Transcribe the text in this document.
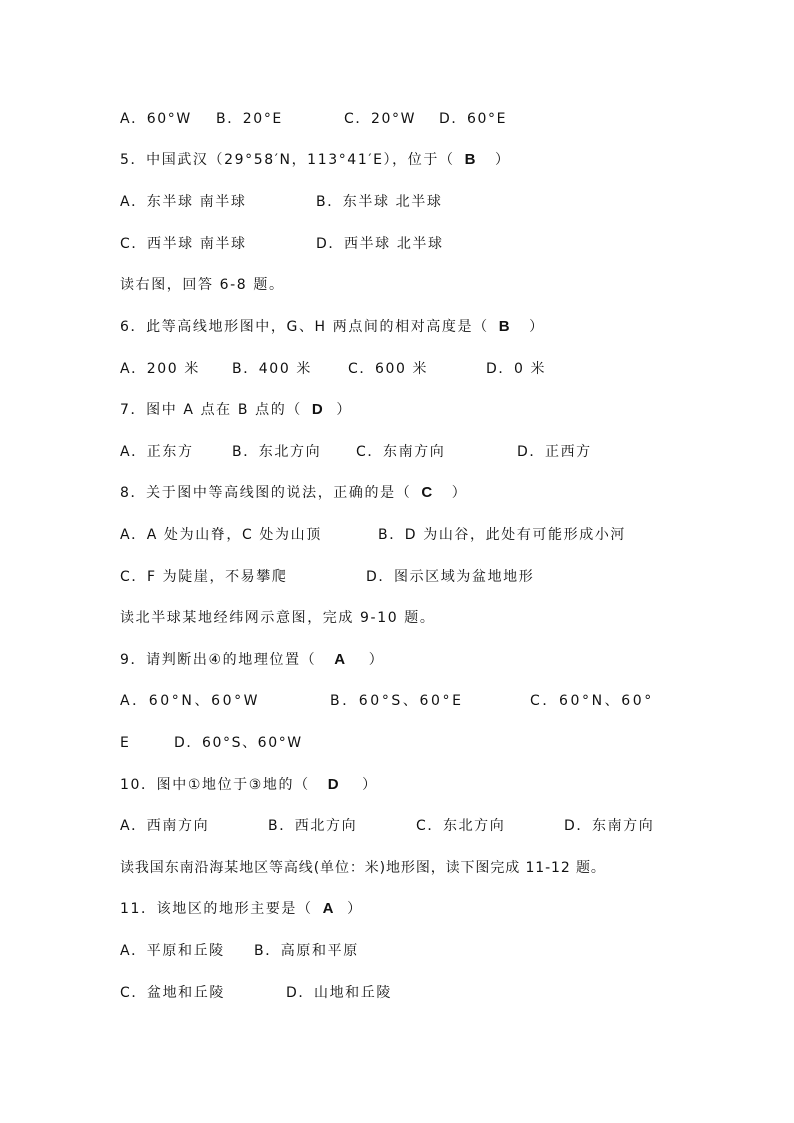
A．60°W B．20°E	C．20°W D．60°E
5．中国武汉（29°58′N，113°41′E），位于（ B ）
A．东半球 南半球	B．东半球 北半球
C．西半球 南半球	D．西半球 北半球
读右图，回答 6-8 题。
6．此等高线地形图中，G、H 两点间的相对高度是（ B ）
A．200 米 B．400 米	C．600 米	D．0 米
7．图中 A 点在 B 点的（ D ）
A．正东方	B．东北方向 C．东南方向	D．正西方
8．关于图中等高线图的说法，正确的是（ C ）
A．A 处为山脊，C 处为山顶	B．D 为山谷，此处有可能形成小河
C．F 为陡崖，不易攀爬	D．图示区域为盆地地形
读北半球某地经纬网示意图，完成 9-10 题。
9．请判断出④的地理位置（ A ）
A．60°N、60°W	B．60°S、60°E	C．60°N、60°
E	D．60°S、60°W
10．图中①地位于③地的（ D ）
A．西南方向	B．西北方向	C．东北方向	D．东南方向
读我国东南沿海某地区等高线(单位：米)地形图，读下图完成 11-12 题。
11．该地区的地形主要是（ A ）
A．平原和丘陵 B．高原和平原
C．盆地和丘陵	D．山地和丘陵
